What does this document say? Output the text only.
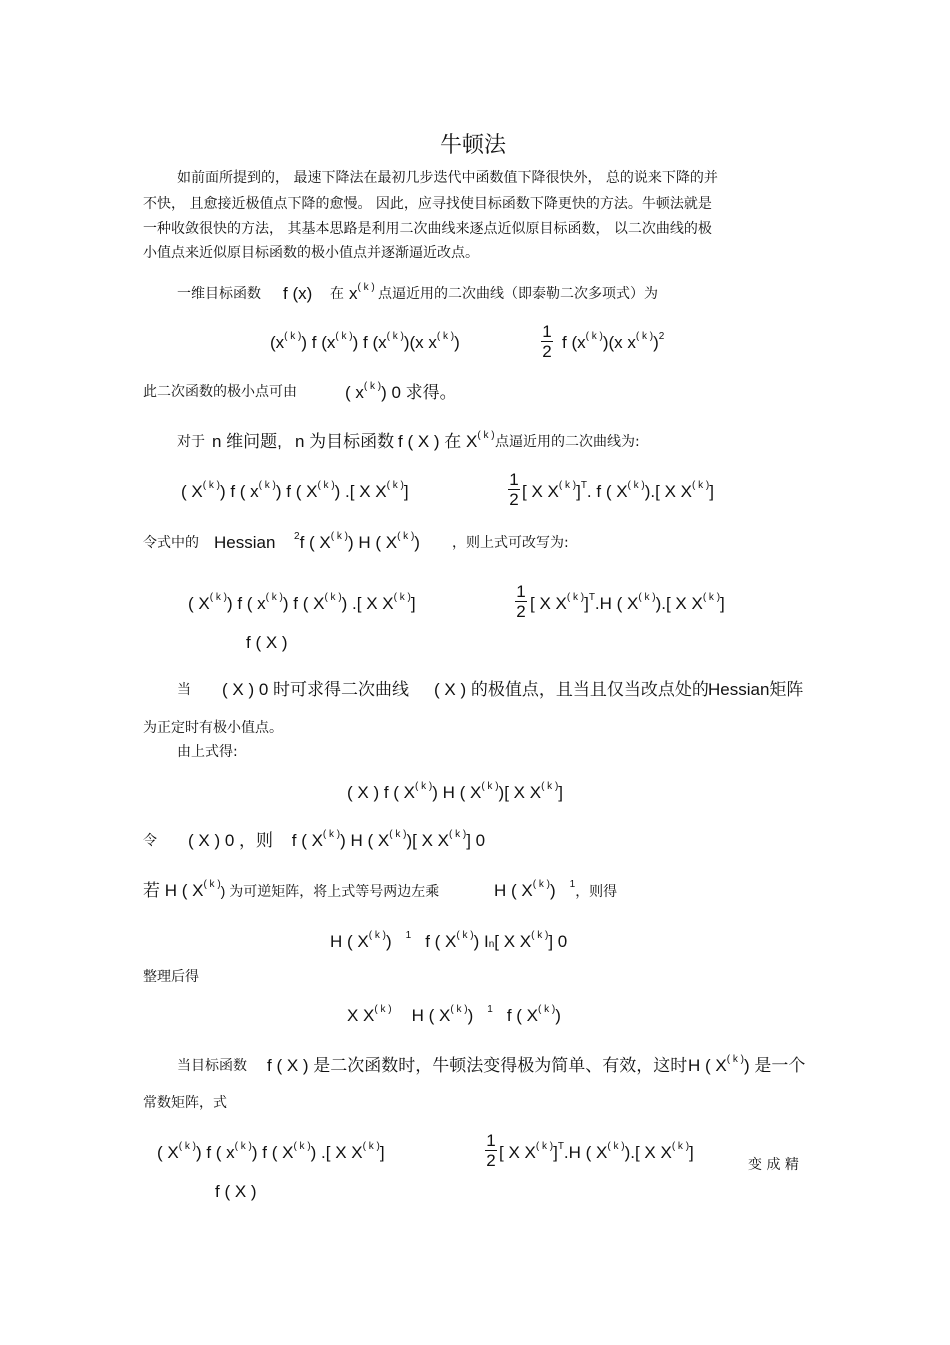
牛顿法
如前面所提到的， 最速下降法在最初几步迭代中函数值下降很快外， 总的说来下降的并
不快， 且愈接近极值点下降的愈慢。 因此，应寻找使目标函数下降更快的方法。牛顿法就是
一种收敛很快的方法， 其基本思路是利用二次曲线来逐点近似原目标函数， 以二次曲线的极
小值点来近似原目标函数的极小值点并逐渐逼近改点。
一维目标函数 f (x) 在 $x^{( k )}$ 点逼近用的二次曲线（即泰勒二次多项式）为
$(x^{( k )})$ f $(x^{( k )})$ f $(x^{( k )})(x$ $x^{( k )}$)
1
2 f $(x^{( k )})(x$ $x^{( k )})^2$
此二次函数的极小点可由	( $x^{( k )}$) 0 求得。
对于 n 维问题, n 为目标函数 f ( X ) 在 $X^{( k )}$ 点逼近用的二次曲线为:
( $X^{( k )}$) f ( $x^{( k )}$) f ( $X^{( k )}$) .[ X $X^{( k )}$]
1
2 [ X $X^{( k )}]^T$. f ( $X^{( k )}$).[ X $X^{( k )}$]
令式中的 Hessian $^2$f ( $X^{( k )}$) H ( $X^{( k )}$) ，则上式可改写为:
( $X^{( k )}$) f ( $x^{( k )}$) f ( $X^{( k )}$) .[ X $X^{( k )}$]
1
2 [ X $X^{( k )}]^T.H$ ( $X^{( k )}$).[ X $X^{( k )}$]
f ( X )
当 ( X ) 0 时可求得二次曲线 ( X ) 的极值点，且当且仅当改点处的 Hessian矩阵
为正定时有极小值点。
由上式得:
( X ) f ( $X^{( k )}$) H ( $X^{( k )}$)[ X $X^{( k )}$]
令 ( X ) 0 ，则 f ( $X^{( k )}$) H ( $X^{( k )}$)[ X $X^{( k )}$] 0
若 H ( $X^{( k )}$) 为可逆矩阵，将上式等号两边左乘	H ( $X^{( k )}$) $^1$，则得
H ( $X^{( k )}$) $^1$ f ( $X^{( k )}$) In[ X $X^{( k )}$] 0
整理后得
X $X^{( k )}$ H ( $X^{( k )}$) $^1$ f ( $X^{( k )}$)
当目标函数 f ( X ) 是二次函数时，牛顿法变得极为简单、有效，这时 H ( $X^{( k )}$) 是一个
常数矩阵，式
( $X^{( k )}$) f ( $x^{( k )}$) f ( $X^{( k )}$) .[ X $X^{( k )}$]
1
2 [ X $X^{( k )}]^T.H$ ( $X^{( k )}$).[ X $X^{( k )}$]
变 成 精
f ( X )
